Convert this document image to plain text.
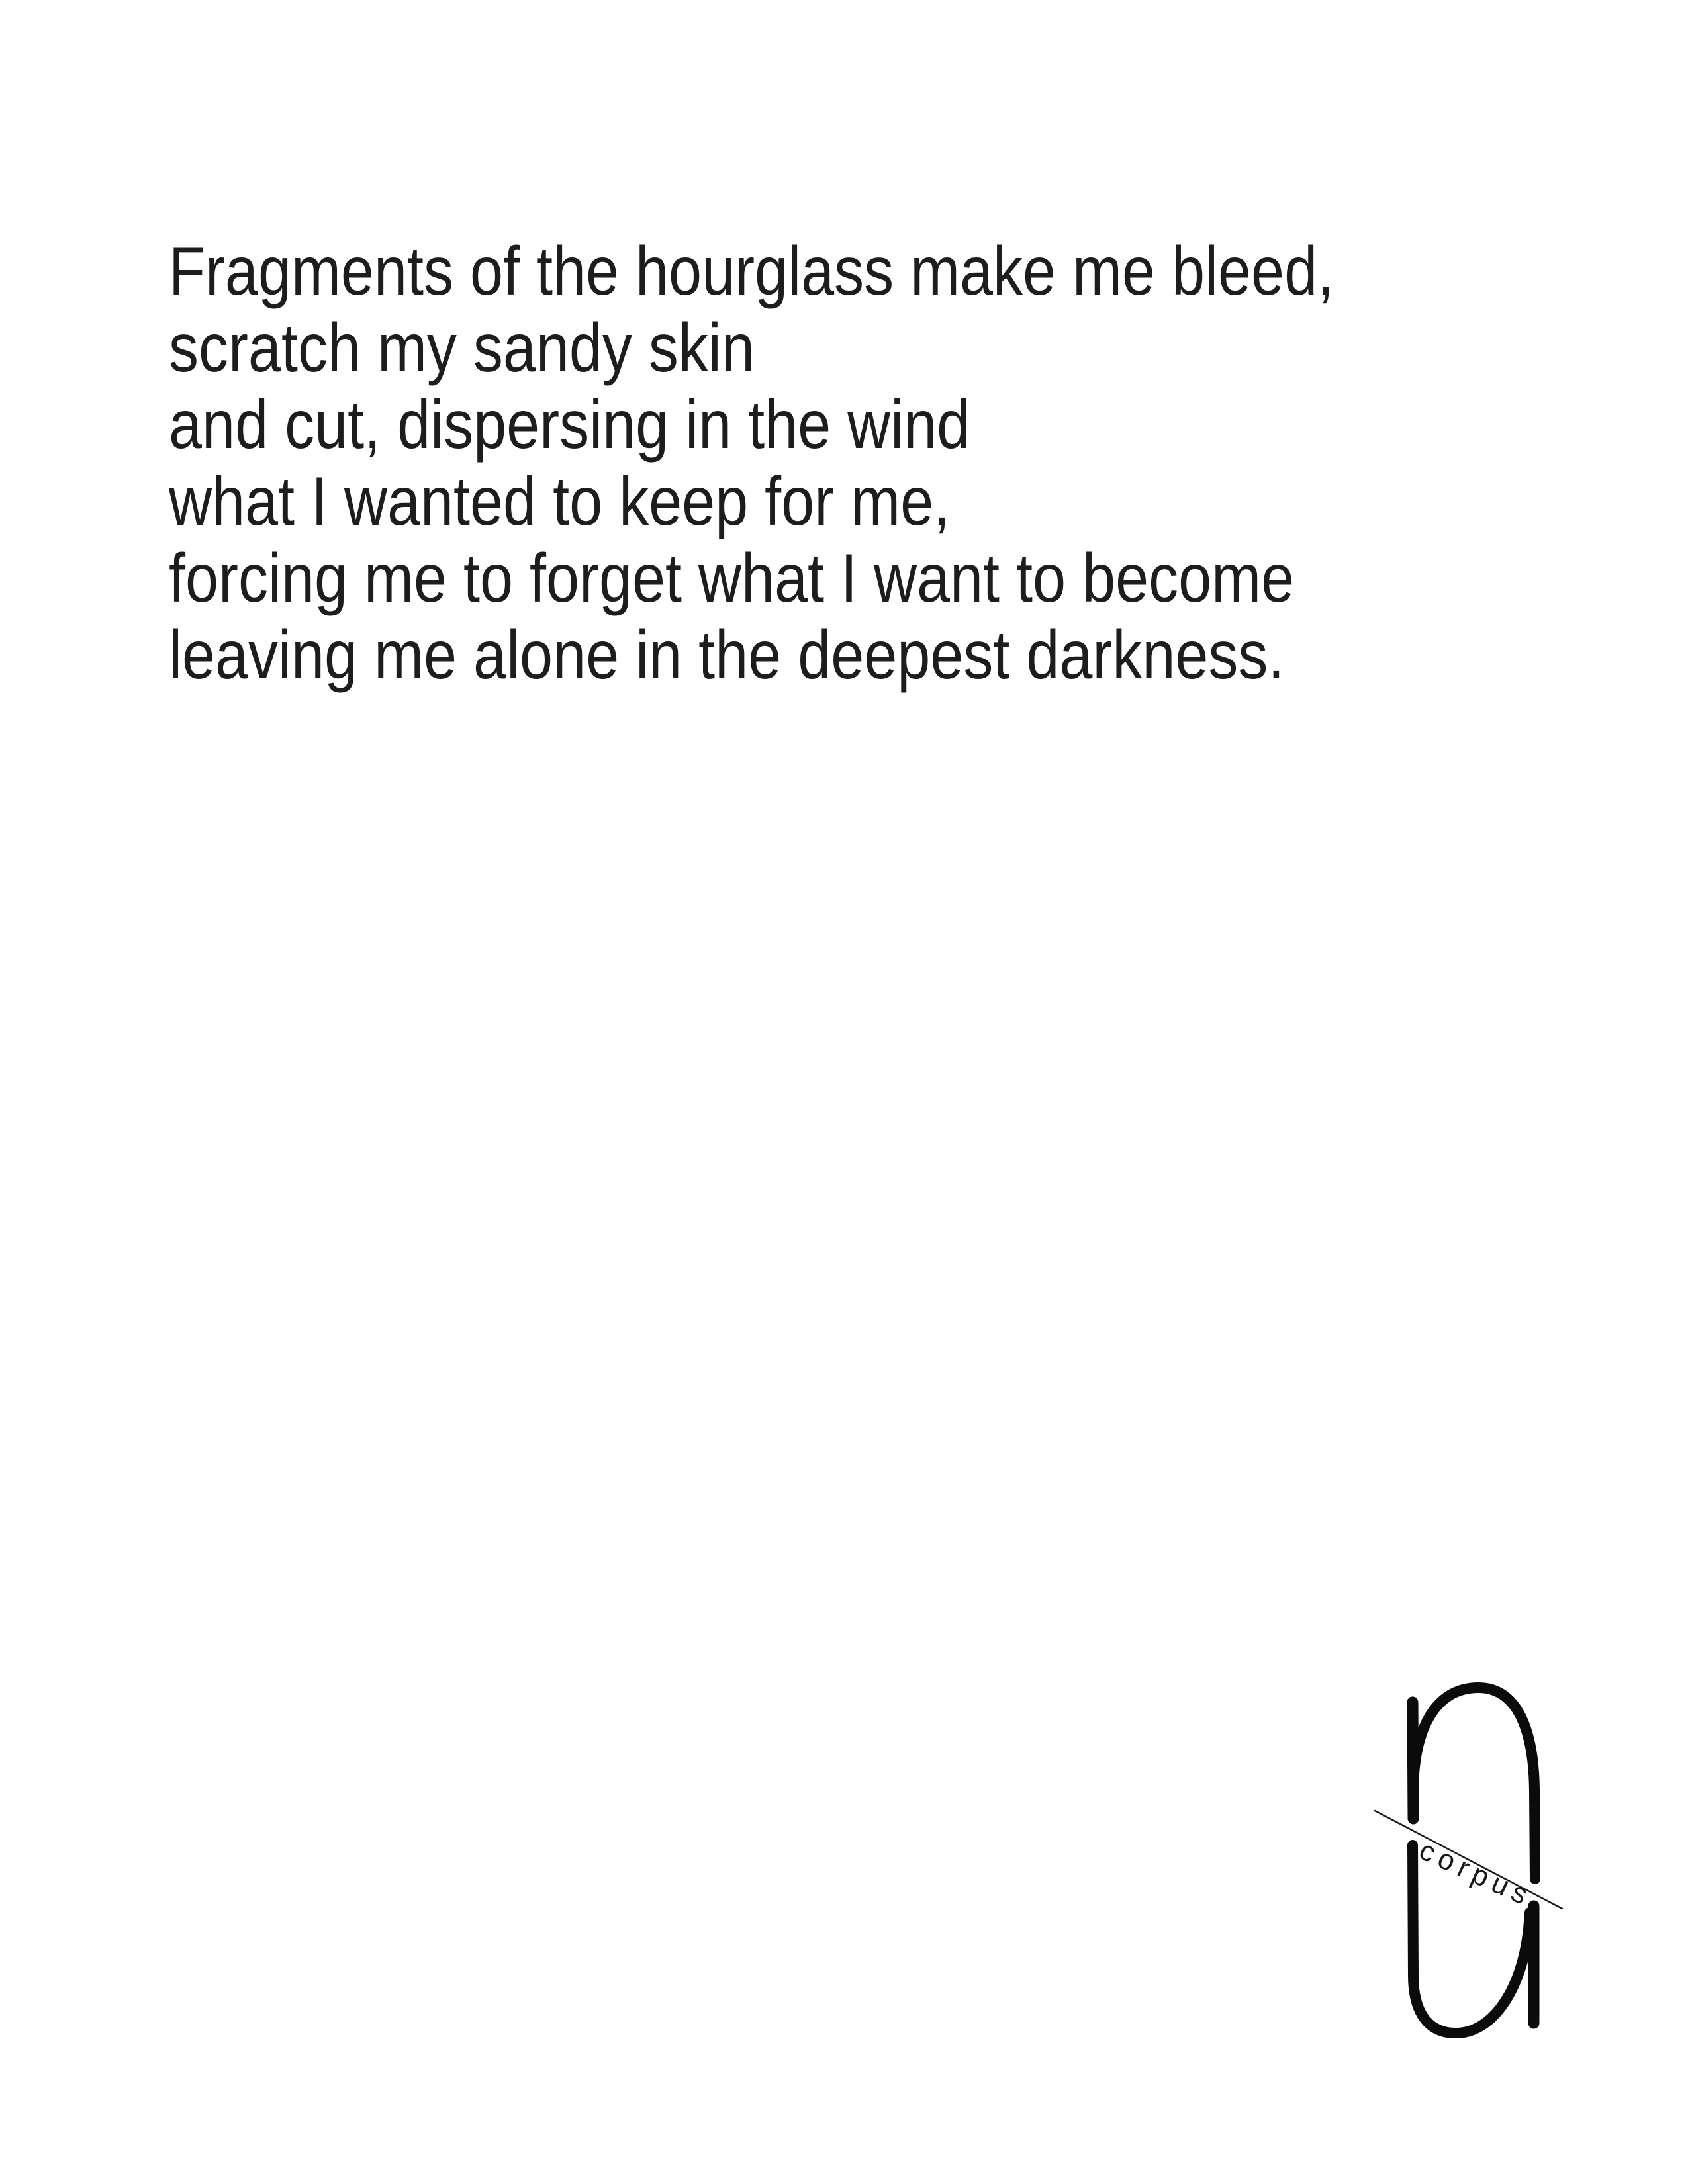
Fragments of the hourglass make me bleed,
scratch my sandy skin
and cut, dispersing in the wind
what I wanted to keep for me,
forcing me to forget what I want to become
leaving me alone in the deepest darkness.
corpus
